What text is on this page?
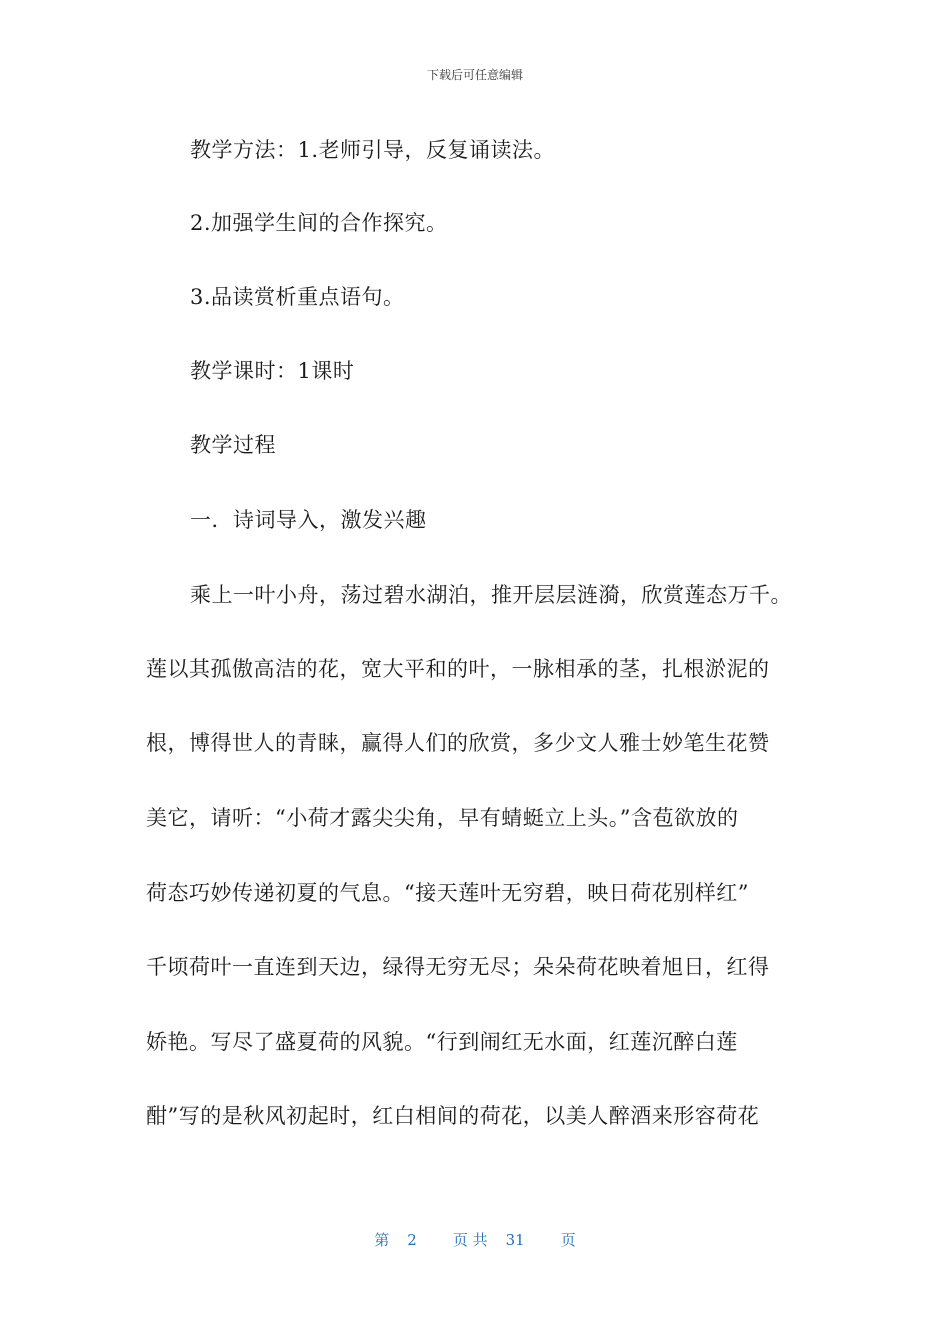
下载后可任意编辑
教学方法：1.老师引导，反复诵读法。
2.加强学生间的合作探究。
3.品读赏析重点语句。
教学课时：1课时
教学过程
一．诗词导入，激发兴趣
乘上一叶小舟，荡过碧水湖泊，推开层层涟漪，欣赏莲态万千。
莲以其孤傲高洁的花，宽大平和的叶，一脉相承的茎，扎根淤泥的
根，博得世人的青睐，赢得人们的欣赏，多少文人雅士妙笔生花赞
美它，请听：“小荷才露尖尖角，早有蜻蜓立上头。”含苞欲放的
荷态巧妙传递初夏的气息。“接天莲叶无穷碧，映日荷花别样红”
千顷荷叶一直连到天边，绿得无穷无尽；朵朵荷花映着旭日，红得
娇艳。写尽了盛夏荷的风貌。“行到闹红无水面，红莲沉醉白莲
酣”写的是秋风初起时，红白相间的荷花，以美人醉酒来形容荷花
第 2 页 共 31 页
